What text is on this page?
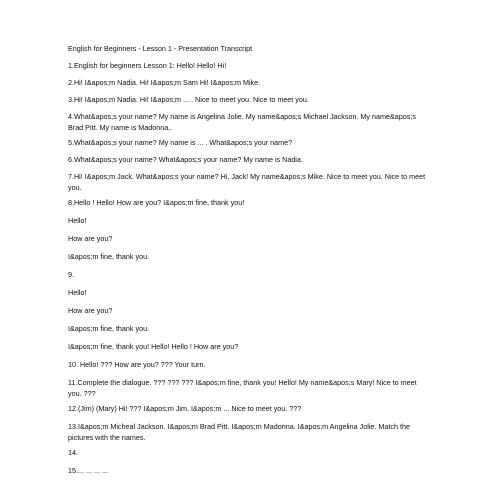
English for Beginners - Lesson 1 - Presentation Transcript
1.English for beginners Lesson 1: Hello! Hello! Hi!
2.Hi! I&apos;m Nadia. Hi! I&apos;m Sam Hi! I&apos;m Mike.
3.Hi! I&apos;m Nadia. Hi! I&apos;m ... . Nice to meet you. Nice to meet you.
4.What&apos;s your name? My name is Angelina Jolie. My name&apos;s Michael Jackson. My name&apos;s Brad Pitt. My name is Madonna..
5.What&apos;s your name? My name is ... . What&apos;s your name?
6.What&apos;s your name? What&apos;s your name? My name is Nadia.
7.Hi! I&apos;m Jack. What&apos;s your name? Hi, Jack! My name&apos;s Mike. Nice to meet you. Nice to meet you.
8.Hello ! Hello! How are you? I&apos;m fine, thank you!
Hello!
How are you?
I&apos;m fine, thank you.
9.
Hello!
How are you?
I&apos;m fine, thank you.
I&apos;m fine, thank you! Hello! Hello ! How are you?
10. Hello! ??? How are you? ??? Your turn.
11.Complete the dialogue. ??? ??? ??? I&apos;m fine, thank you! Hello! My name&apos;s Mary! Nice to meet you. ???
12.(Jim) (Mary) Hi! ??? I&apos;m Jim. I&apos;m ... Nice to meet you. ???
13.I&apos;m Micheal Jackson. I&apos;m Brad Pitt. I&apos;m Madonna. I&apos;m Angelina Jolie. Match the pictures with the names.
14.
15.... ... ... ...
